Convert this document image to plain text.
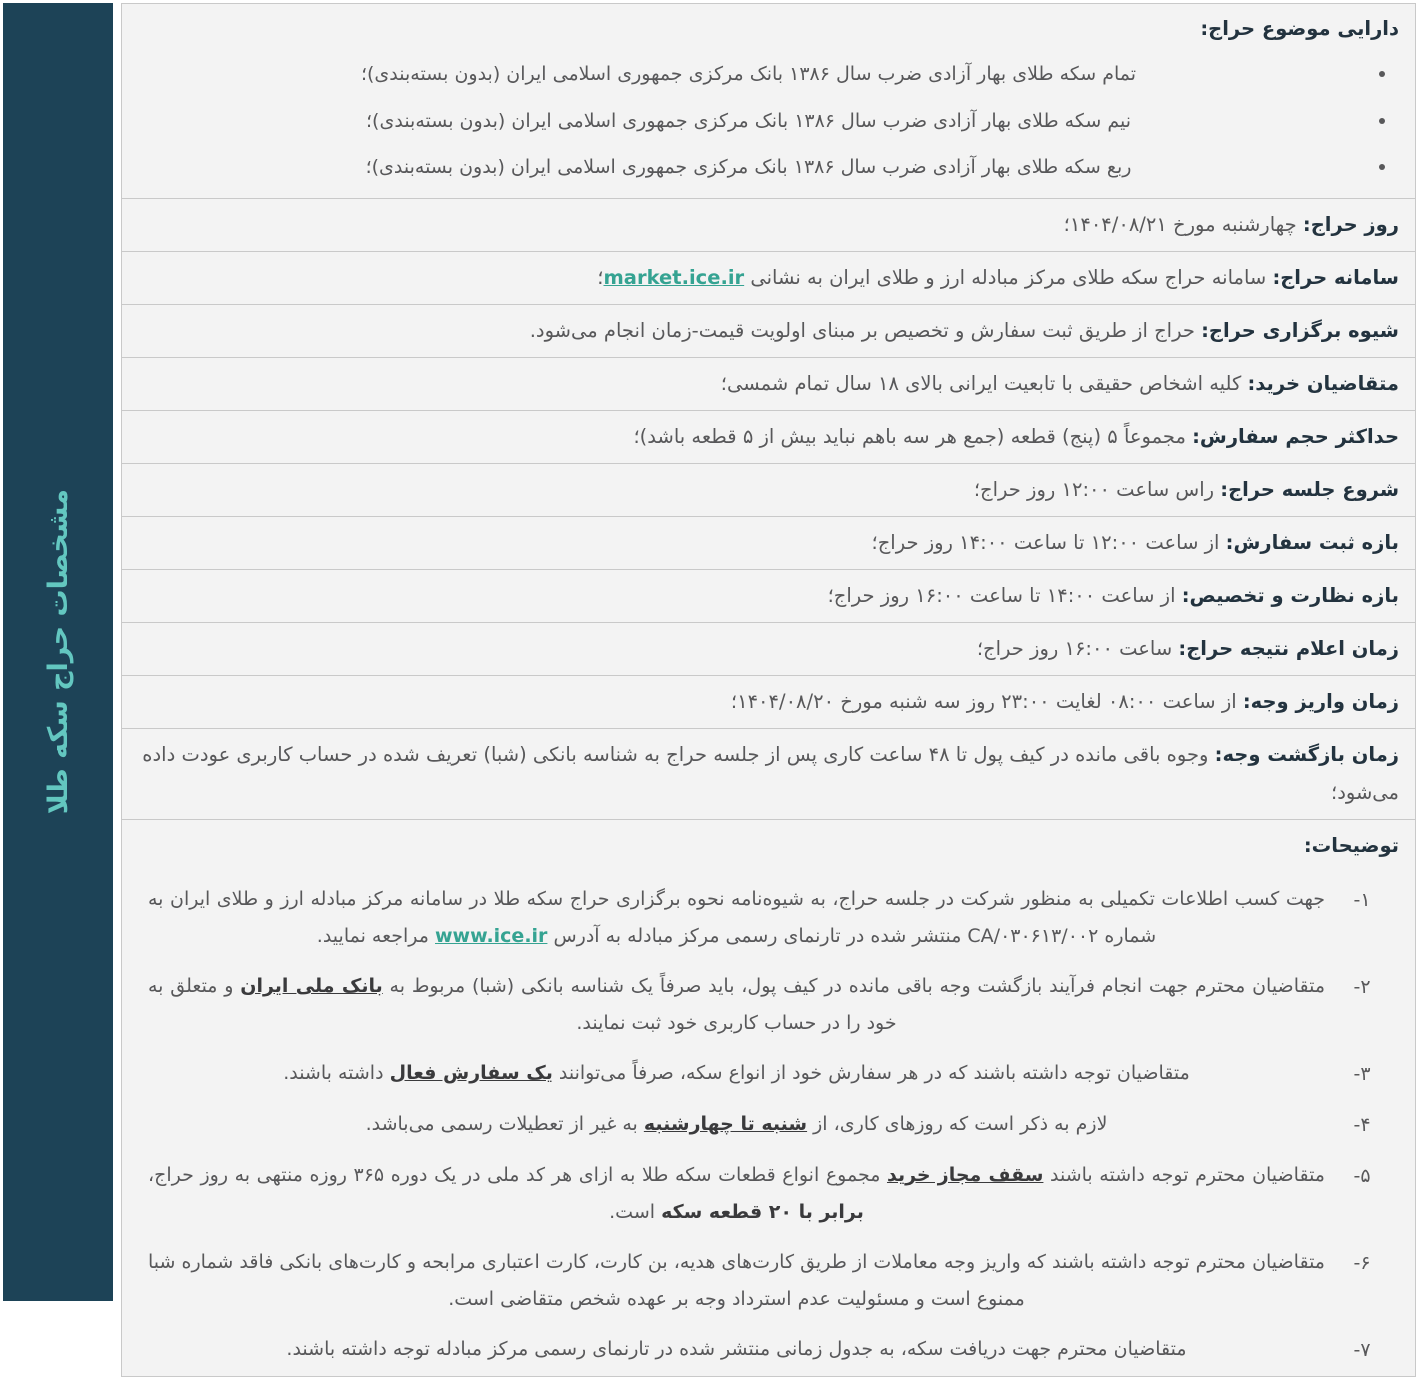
دارایی موضوع حراج:
تمام سکه طلای بهار آزادی ضرب سال ۱۳۸۶ بانک مرکزی جمهوری اسلامی ایران (بدون بسته‌بندی)؛
نیم سکه طلای بهار آزادی ضرب سال ۱۳۸۶ بانک مرکزی جمهوری اسلامی ایران (بدون بسته‌بندی)؛
ربع سکه طلای بهار آزادی ضرب سال ۱۳۸۶ بانک مرکزی جمهوری اسلامی ایران (بدون بسته‌بندی)؛

روز حراج: چهارشنبه مورخ ۱۴۰۴/۰۸/۲۱؛
سامانه حراج: سامانه حراج سکه طلای مرکز مبادله ارز و طلای ایران به نشانی market.ice.ir؛
شیوه برگزاری حراج: حراج از طریق ثبت سفارش و تخصیص بر مبنای اولویت قیمت-زمان انجام می‌شود.
متقاضیان خرید: کلیه اشخاص حقیقی با تابعیت ایرانی بالای ۱۸ سال تمام شمسی؛
حداکثر حجم سفارش: مجموعاً ۵ (پنج) قطعه (جمع هر سه باهم نباید بیش از ۵ قطعه باشد)؛
شروع جلسه حراج: راس ساعت ۱۲:۰۰ روز حراج؛
بازه ثبت سفارش: از ساعت ۱۲:۰۰ تا ساعت ۱۴:۰۰ روز حراج؛
بازه نظارت و تخصیص: از ساعت ۱۴:۰۰ تا ساعت ۱۶:۰۰ روز حراج؛
زمان اعلام نتیجه حراج: ساعت ۱۶:۰۰ روز حراج؛
زمان واریز وجه: از ساعت ۰۸:۰۰ لغایت ۲۳:۰۰ روز سه شنبه مورخ ۱۴۰۴/۰۸/۲۰؛
زمان بازگشت وجه: وجوه باقی مانده در کیف پول تا ۴۸ ساعت کاری پس از جلسه حراج به شناسه بانکی (شبا) تعریف شده در حساب کاربری عودت داده می‌شود؛

توضیحات:
۱-
جهت کسب اطلاعات تکمیلی به منظور شرکت در جلسه حراج، به شیوه‌نامه نحوه برگزاری حراج سکه طلا در سامانه مرکز مبادله ارز و طلای ایران به شماره CA/۰۳۰۶۱۳/۰۰۲ منتشر شده در تارنمای رسمی مرکز مبادله به آدرس www.ice.ir مراجعه نمایید.
۲-
متقاضیان محترم جهت انجام فرآیند بازگشت وجه باقی مانده در کیف پول، باید صرفاً یک شناسه بانکی (شبا) مربوط به بانک ملی ایران و متعلق به خود را در حساب کاربری خود ثبت نمایند.
۳-
متقاضیان توجه داشته باشند که در هر سفارش خود از انواع سکه، صرفاً می‌توانند یک سفارش فعال داشته باشند.
۴-
لازم به ذکر است که روزهای کاری، از شنبه تا چهارشنبه به غیر از تعطیلات رسمی می‌باشد.
۵-
متقاضیان محترم توجه داشته باشند سقف مجاز خرید مجموع انواع قطعات سکه طلا به ازای هر کد ملی در یک دوره ۳۶۵ روزه منتهی به روز حراج، برابر با ۲۰ قطعه سکه است.
۶-
متقاضیان محترم توجه داشته باشند که واریز وجه معاملات از طریق کارت‌های هدیه، بن کارت، کارت اعتباری مرابحه و کارت‌های بانکی فاقد شماره شبا ممنوع است و مسئولیت عدم استرداد وجه بر عهده شخص متقاضی است.
۷-
متقاضیان محترم جهت دریافت سکه، به جدول زمانی منتشر شده در تارنمای رسمی مرکز مبادله توجه داشته باشند.
مشخصات حراج سکه طلا
